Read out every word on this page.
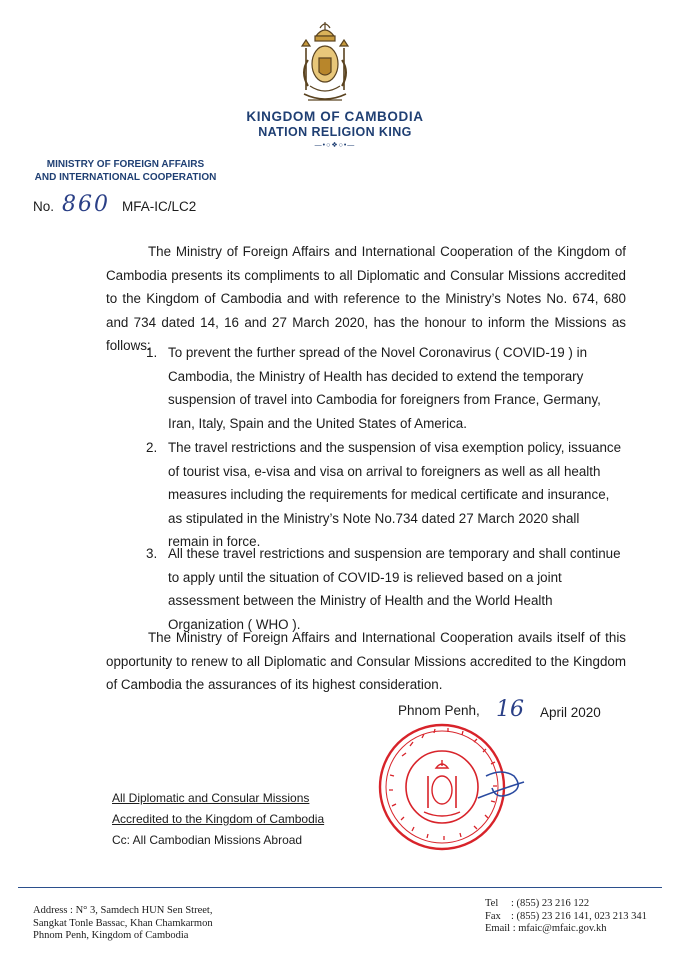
KINGDOM OF CAMBODIA
NATION RELIGION KING
—•○❖○•—
MINISTRY OF FOREIGN AFFAIRS
AND INTERNATIONAL COOPERATION
No. 860 MFA-IC/LC2

The Ministry of Foreign Affairs and International Cooperation of the Kingdom of Cambodia presents its compliments to all Diplomatic and Consular Missions accredited to the Kingdom of Cambodia and with reference to the Ministry’s Notes No. 674, 680 and 734 dated 14, 16 and 27 March 2020, has the honour to inform the Missions as follows:

1. To prevent the further spread of the Novel Coronavirus ( COVID-19 ) in Cambodia, the Ministry of Health has decided to extend the temporary suspension of travel into Cambodia for foreigners from France, Germany, Iran, Italy, Spain and the United States of America.
2. The travel restrictions and the suspension of visa exemption policy, issuance of tourist visa, e-visa and visa on arrival to foreigners as well as all health measures including the requirements for medical certificate and insurance, as stipulated in the Ministry’s Note No.734 dated 27 March 2020 shall remain in force.
3. All these travel restrictions and suspension are temporary and shall continue to apply until the situation of COVID-19 is relieved based on a joint assessment between the Ministry of Health and the World Health Organization ( WHO ).

The Ministry of Foreign Affairs and International Cooperation avails itself of this opportunity to renew to all Diplomatic and Consular Missions accredited to the Kingdom of Cambodia the assurances of its highest consideration.

Phnom Penh, 16 April 2020
All Diplomatic and Consular Missions
Accredited to the Kingdom of Cambodia
Cc: All Cambodian Missions Abroad
Address : N° 3, Samdech HUN Sen Street,
Sangkat Tonle Bassac, Khan Chamkarmon
Phnom Penh, Kingdom of Cambodia
Tel : (855) 23 216 122
Fax : (855) 23 216 141, 023 213 341
Email : mfaic@mfaic.gov.kh
